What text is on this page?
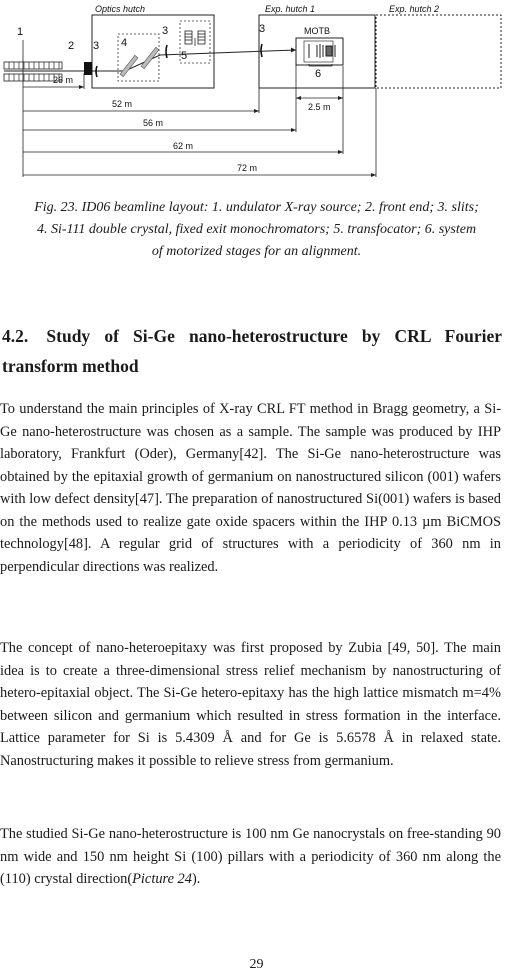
Optics hutch	Exp. hutch 1	Exp. hutch 2
1
2 3 4
3
5
3	MOTB
6
26 m
52 m
56 m
62 m
72 m
2.5 m

Fig. 23. ID06 beamline layout: 1. undulator X-ray source; 2. front end; 3. slits;

4. Si-111 double crystal, fixed exit monochromators; 5. transfocator; 6. system

of motorized stages for an alignment.

4.2. Study of Si-Ge nano-heterostructure by CRL Fourier transform method

To understand the main principles of X-ray CRL FT method in Bragg geometry, a Si-Ge nano-heterostructure was chosen as a sample. The sample was produced by IHP laboratory, Frankfurt (Oder), Germany[42]. The Si-Ge nano-heterostructure was obtained by the epitaxial growth of germanium on nanostructured silicon (001) wafers with low defect density[47]. The preparation of nanostructured Si(001) wafers is based on the methods used to realize gate oxide spacers within the IHP 0.13 µm BiCMOS technology[48]. A regular grid of structures with a periodicity of 360 nm in perpendicular directions was realized.

The concept of nano-heteroepitaxy was first proposed by Zubia [49, 50]. The main idea is to create a three-dimensional stress relief mechanism by nanostructuring of hetero-epitaxial object. The Si-Ge hetero-epitaxy has the high lattice mismatch m=4% between silicon and germanium which resulted in stress formation in the interface. Lattice parameter for Si is 5.4309 Å and for Ge is 5.6578 Å in relaxed state. Nanostructuring makes it possible to relieve stress from germanium.

The studied Si-Ge nano-heterostructure is 100 nm Ge nanocrystals on free-standing 90 nm wide and 150 nm height Si (100) pillars with a periodicity of 360 nm along the (110) crystal direction(Picture 24).

29
